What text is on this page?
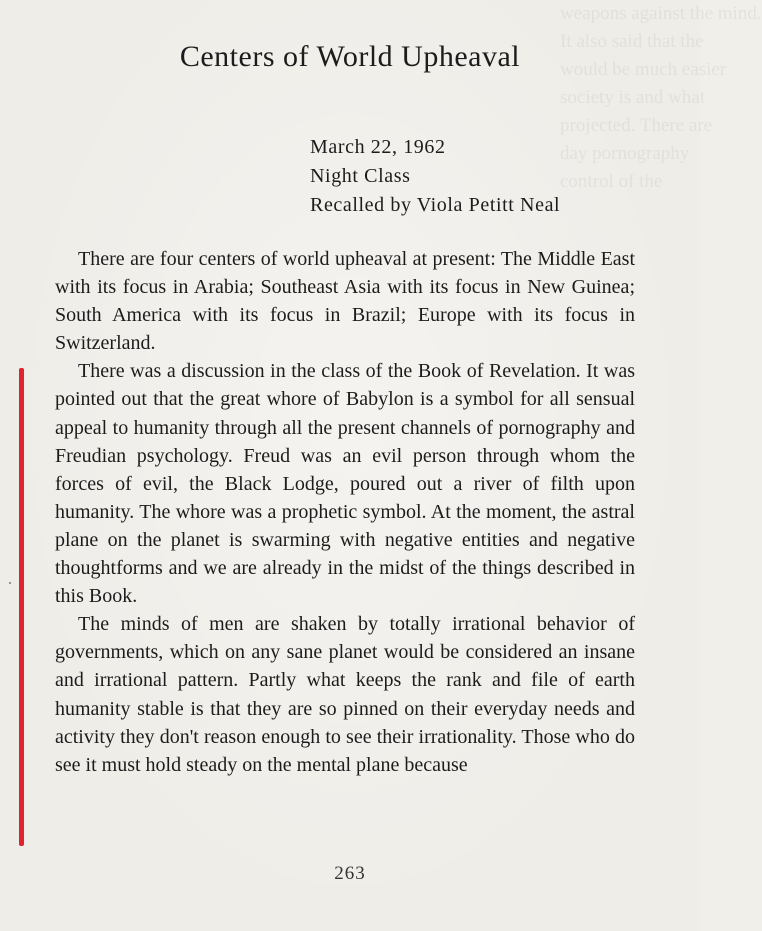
weapons against the mind.
It also said that the
would be much easier
society is and what
projected. There are
day pornography
control of the
Centers of World Upheaval
March 22, 1962
Night Class
Recalled by Viola Petitt Neal

There are four centers of world upheaval at present: The Middle East with its focus in Arabia; Southeast Asia with its focus in New Guinea; South America with its focus in Brazil; Europe with its focus in Switzerland.

There was a discussion in the class of the Book of Revelation. It was pointed out that the great whore of Babylon is a symbol for all sensual appeal to humanity through all the present channels of pornography and Freudian psychology. Freud was an evil person through whom the forces of evil, the Black Lodge, poured out a river of filth upon humanity. The whore was a prophetic symbol. At the moment, the astral plane on the planet is swarming with negative entities and negative thoughtforms and we are already in the midst of the things described in this Book.

The minds of men are shaken by totally irrational behavior of governments, which on any sane planet would be considered an insane and irrational pattern. Partly what keeps the rank and file of earth humanity stable is that they are so pinned on their everyday needs and activity they don't reason enough to see their irrationality. Those who do see it must hold steady on the mental plane because

263
